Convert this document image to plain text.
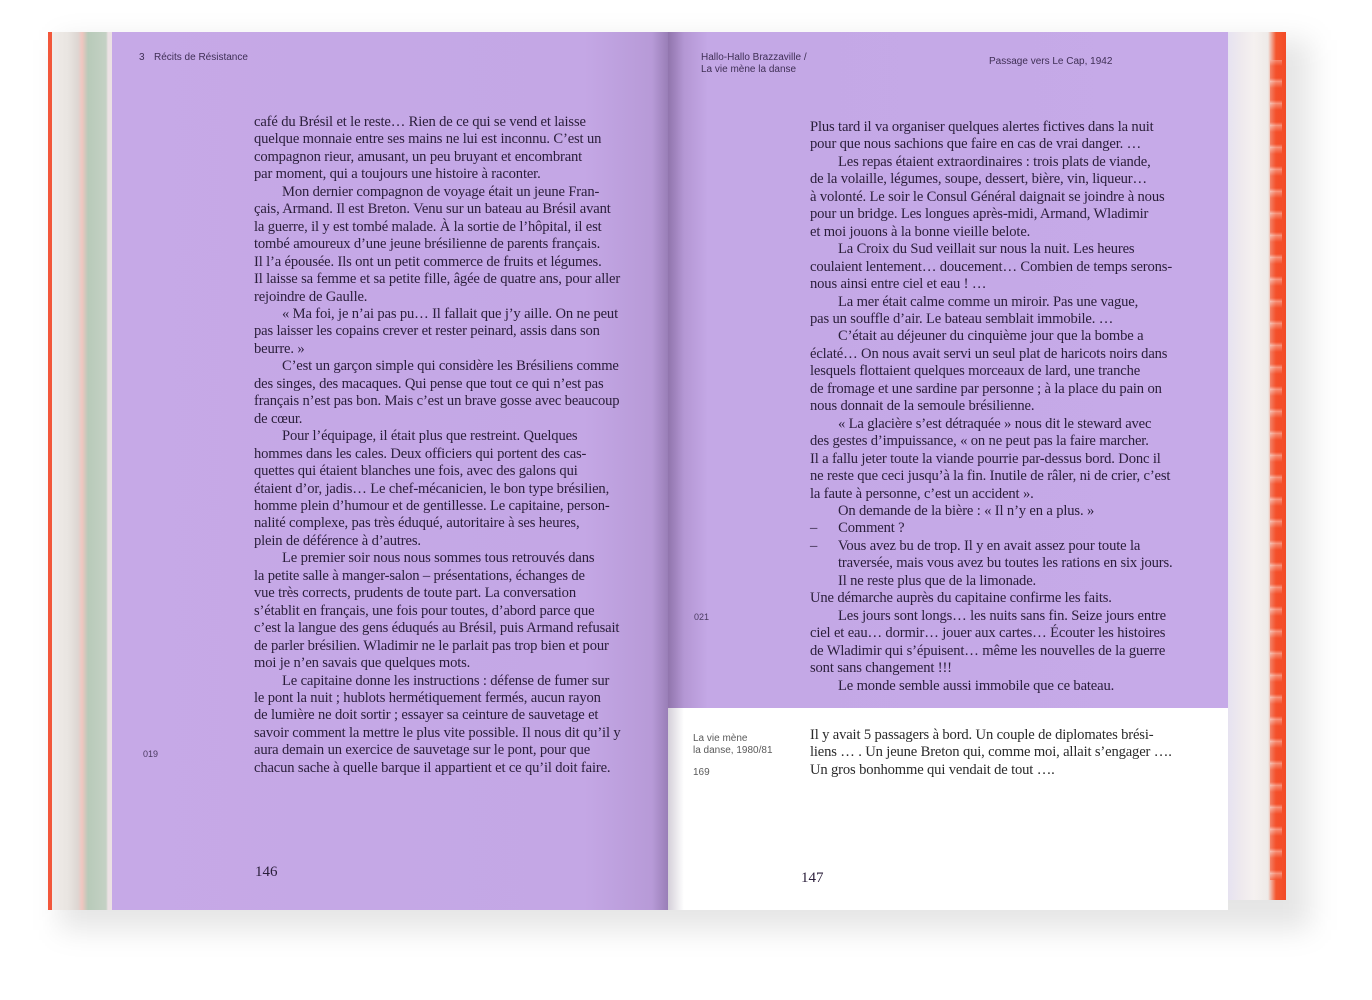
3 Récits de Résistance
café du Brésil et le reste… Rien de ce qui se vend et laisse
quelque monnaie entre ses mains ne lui est inconnu. C’est un
compagnon rieur, amusant, un peu bruyant et encombrant
par moment, qui a toujours une histoire à raconter.
Mon dernier compagnon de voyage était un jeune Fran-
çais, Armand. Il est Breton. Venu sur un bateau au Brésil avant
la guerre, il y est tombé malade. À la sortie de l’hôpital, il est
tombé amoureux d’une jeune brésilienne de parents français.
Il l’a épousée. Ils ont un petit commerce de fruits et légumes.
Il laisse sa femme et sa petite fille, âgée de quatre ans, pour aller
rejoindre de Gaulle.
« Ma foi, je n’ai pas pu… Il fallait que j’y aille. On ne peut
pas laisser les copains crever et rester peinard, assis dans son
beurre. »
C’est un garçon simple qui considère les Brésiliens comme
des singes, des macaques. Qui pense que tout ce qui n’est pas
français n’est pas bon. Mais c’est un brave gosse avec beaucoup
de cœur.
Pour l’équipage, il était plus que restreint. Quelques
hommes dans les cales. Deux officiers qui portent des cas-
quettes qui étaient blanches une fois, avec des galons qui
étaient d’or, jadis… Le chef-mécanicien, le bon type brésilien,
homme plein d’humour et de gentillesse. Le capitaine, person-
nalité complexe, pas très éduqué, autoritaire à ses heures,
plein de déférence à d’autres.
Le premier soir nous nous sommes tous retrouvés dans
la petite salle à manger-salon – présentations, échanges de
vue très corrects, prudents de toute part. La conversation
s’établit en français, une fois pour toutes, d’abord parce que
c’est la langue des gens éduqués au Brésil, puis Armand refusait
de parler brésilien. Wladimir ne le parlait pas trop bien et pour
moi je n’en savais que quelques mots.
Le capitaine donne les instructions : défense de fumer sur
le pont la nuit ; hublots hermétiquement fermés, aucun rayon
de lumière ne doit sortir ; essayer sa ceinture de sauvetage et
savoir comment la mettre le plus vite possible. Il nous dit qu’il y
aura demain un exercice de sauvetage sur le pont, pour que
chacun sache à quelle barque il appartient et ce qu’il doit faire.
019
146
Hallo-Hallo Brazzaville /
La vie mène la danse
Passage vers Le Cap, 1942
Plus tard il va organiser quelques alertes fictives dans la nuit
pour que nous sachions que faire en cas de vrai danger. …
Les repas étaient extraordinaires : trois plats de viande,
de la volaille, légumes, soupe, dessert, bière, vin, liqueur…
à volonté. Le soir le Consul Général daignait se joindre à nous
pour un bridge. Les longues après-midi, Armand, Wladimir
et moi jouons à la bonne vieille belote.
La Croix du Sud veillait sur nous la nuit. Les heures
coulaient lentement… doucement… Combien de temps serons-
nous ainsi entre ciel et eau ! …
La mer était calme comme un miroir. Pas une vague,
pas un souffle d’air. Le bateau semblait immobile. …
C’était au déjeuner du cinquième jour que la bombe a
éclaté… On nous avait servi un seul plat de haricots noirs dans
lesquels flottaient quelques morceaux de lard, une tranche
de fromage et une sardine par personne ; à la place du pain on
nous donnait de la semoule brésilienne.
« La glacière s’est détraquée » nous dit le steward avec
des gestes d’impuissance, « on ne peut pas la faire marcher.
Il a fallu jeter toute la viande pourrie par-dessus bord. Donc il
ne reste que ceci jusqu’à la fin. Inutile de râler, ni de crier, c’est
la faute à personne, c’est un accident ».
On demande de la bière : « Il n’y en a plus. »
–      Comment ?
–      Vous avez bu de trop. Il y en avait assez pour toute la
traversée, mais vous avez bu toutes les rations en six jours.
Il ne reste plus que de la limonade.
Une démarche auprès du capitaine confirme les faits.
Les jours sont longs… les nuits sans fin. Seize jours entre
ciel et eau… dormir… jouer aux cartes… Écouter les histoires
de Wladimir qui s’épuisent… même les nouvelles de la guerre
sont sans changement !!!
Le monde semble aussi immobile que ce bateau.
021
La vie mène
la danse, 1980/81
169
Il y avait 5 passagers à bord. Un couple de diplomates brési-
liens … . Un jeune Breton qui, comme moi, allait s’engager ….
Un gros bonhomme qui vendait de tout ….
147
